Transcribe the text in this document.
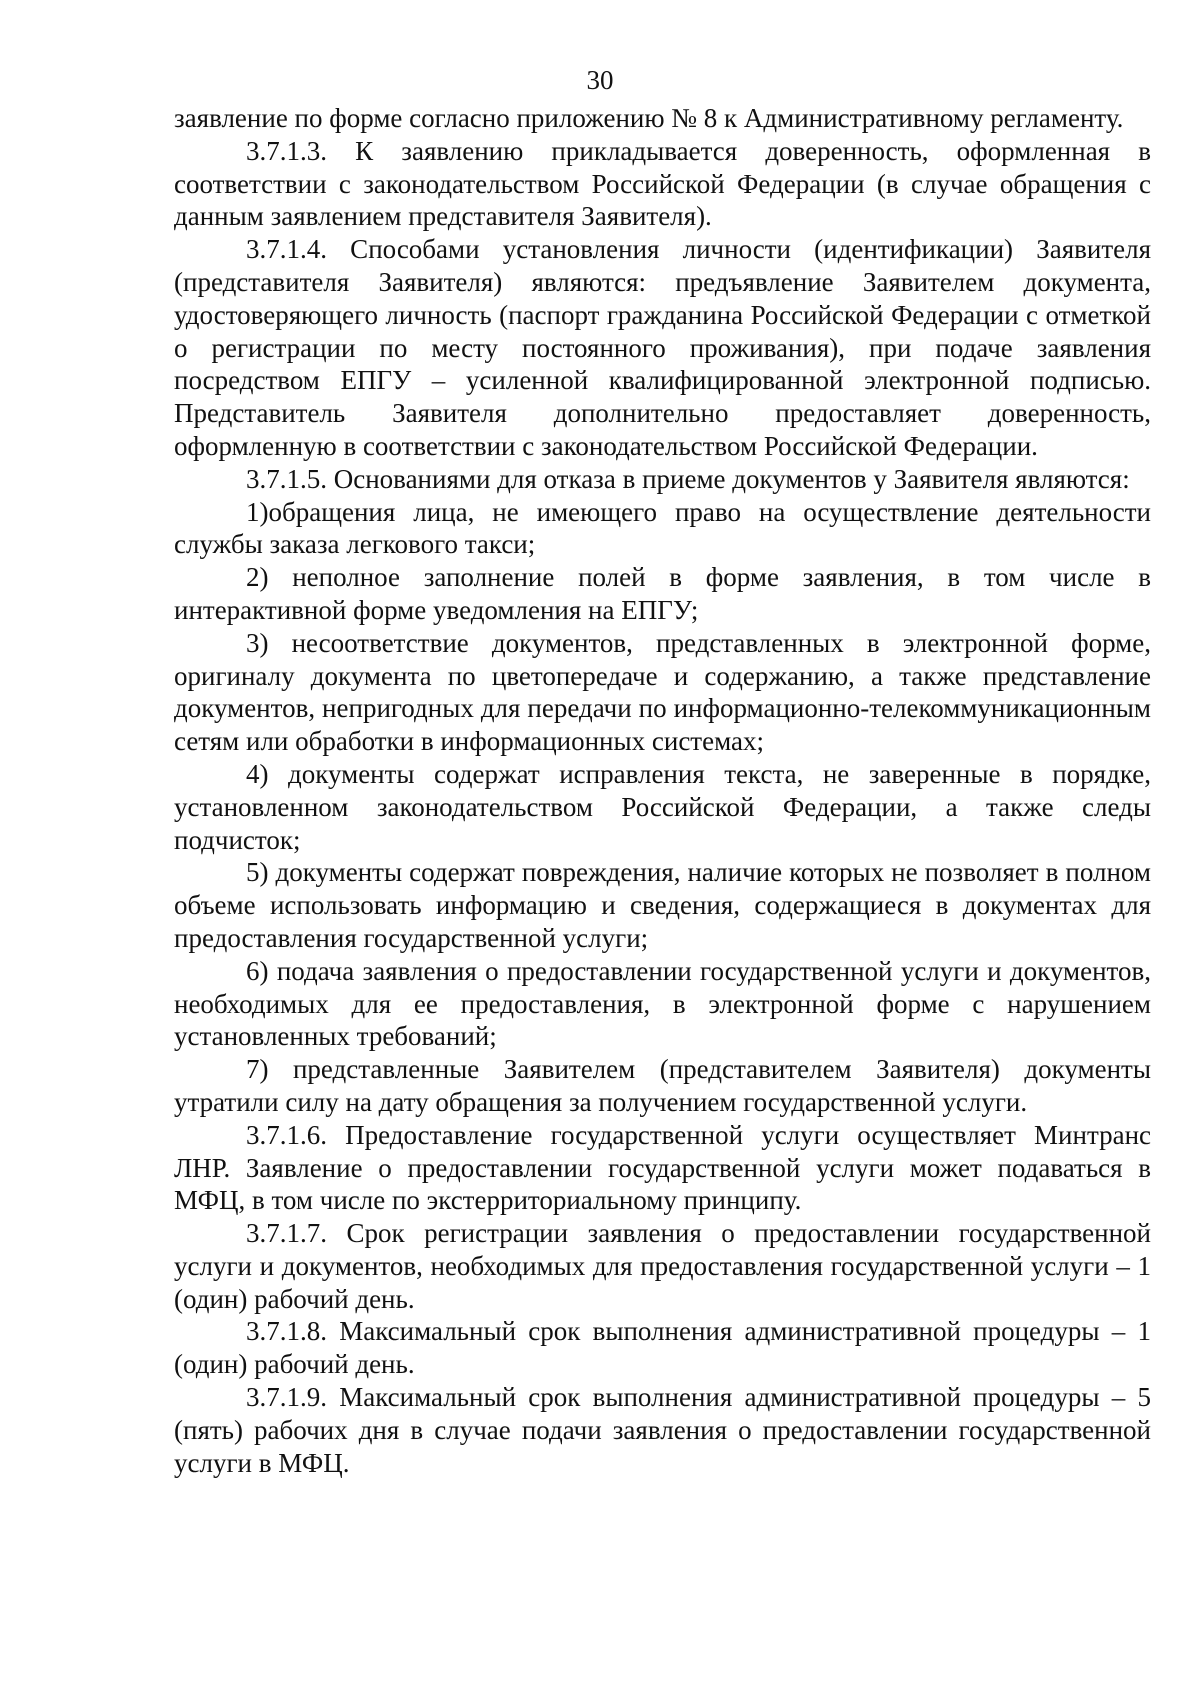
30

заявление по форме согласно приложению № 8 к Административному регламенту.

3.7.1.3. К заявлению прикладывается доверенность, оформленная в соответствии с законодательством Российской Федерации (в случае обращения с данным заявлением представителя Заявителя).

3.7.1.4. Способами установления личности (идентификации) Заявителя (представителя Заявителя) являются: предъявление Заявителем документа, удостоверяющего личность (паспорт гражданина Российской Федерации с отметкой о регистрации по месту постоянного проживания), при подаче заявления посредством ЕПГУ – усиленной квалифицированной электронной подписью. Представитель Заявителя дополнительно предоставляет доверенность, оформленную в соответствии с законодательством Российской Федерации.

3.7.1.5. Основаниями для отказа в приеме документов у Заявителя являются:

1)обращения лица, не имеющего право на осуществление деятельности службы заказа легкового такси;

2) неполное заполнение полей в форме заявления, в том числе в интерактивной форме уведомления на ЕПГУ;

3) несоответствие документов, представленных в электронной форме, оригиналу документа по цветопередаче и содержанию, а также представление документов, непригодных для передачи по информационно-телекоммуникационным сетям или обработки в информационных системах;

4) документы содержат исправления текста, не заверенные в порядке, установленном законодательством Российской Федерации, а также следы подчисток;

5) документы содержат повреждения, наличие которых не позволяет в полном объеме использовать информацию и сведения, содержащиеся в документах для предоставления государственной услуги;

6) подача заявления о предоставлении государственной услуги и документов, необходимых для ее предоставления, в электронной форме с нарушением установленных требований;

7) представленные Заявителем (представителем Заявителя) документы утратили силу на дату обращения за получением государственной услуги.

3.7.1.6. Предоставление государственной услуги осуществляет Минтранс ЛНР. Заявление о предоставлении государственной услуги может подаваться в МФЦ, в том числе по экстерриториальному принципу.

3.7.1.7. Срок регистрации заявления о предоставлении государственной услуги и документов, необходимых для предоставления государственной услуги – 1 (один) рабочий день.

3.7.1.8. Максимальный срок выполнения административной процедуры – 1 (один) рабочий день.

3.7.1.9. Максимальный срок выполнения административной процедуры – 5 (пять) рабочих дня в случае подачи заявления о предоставлении государственной услуги в МФЦ.
